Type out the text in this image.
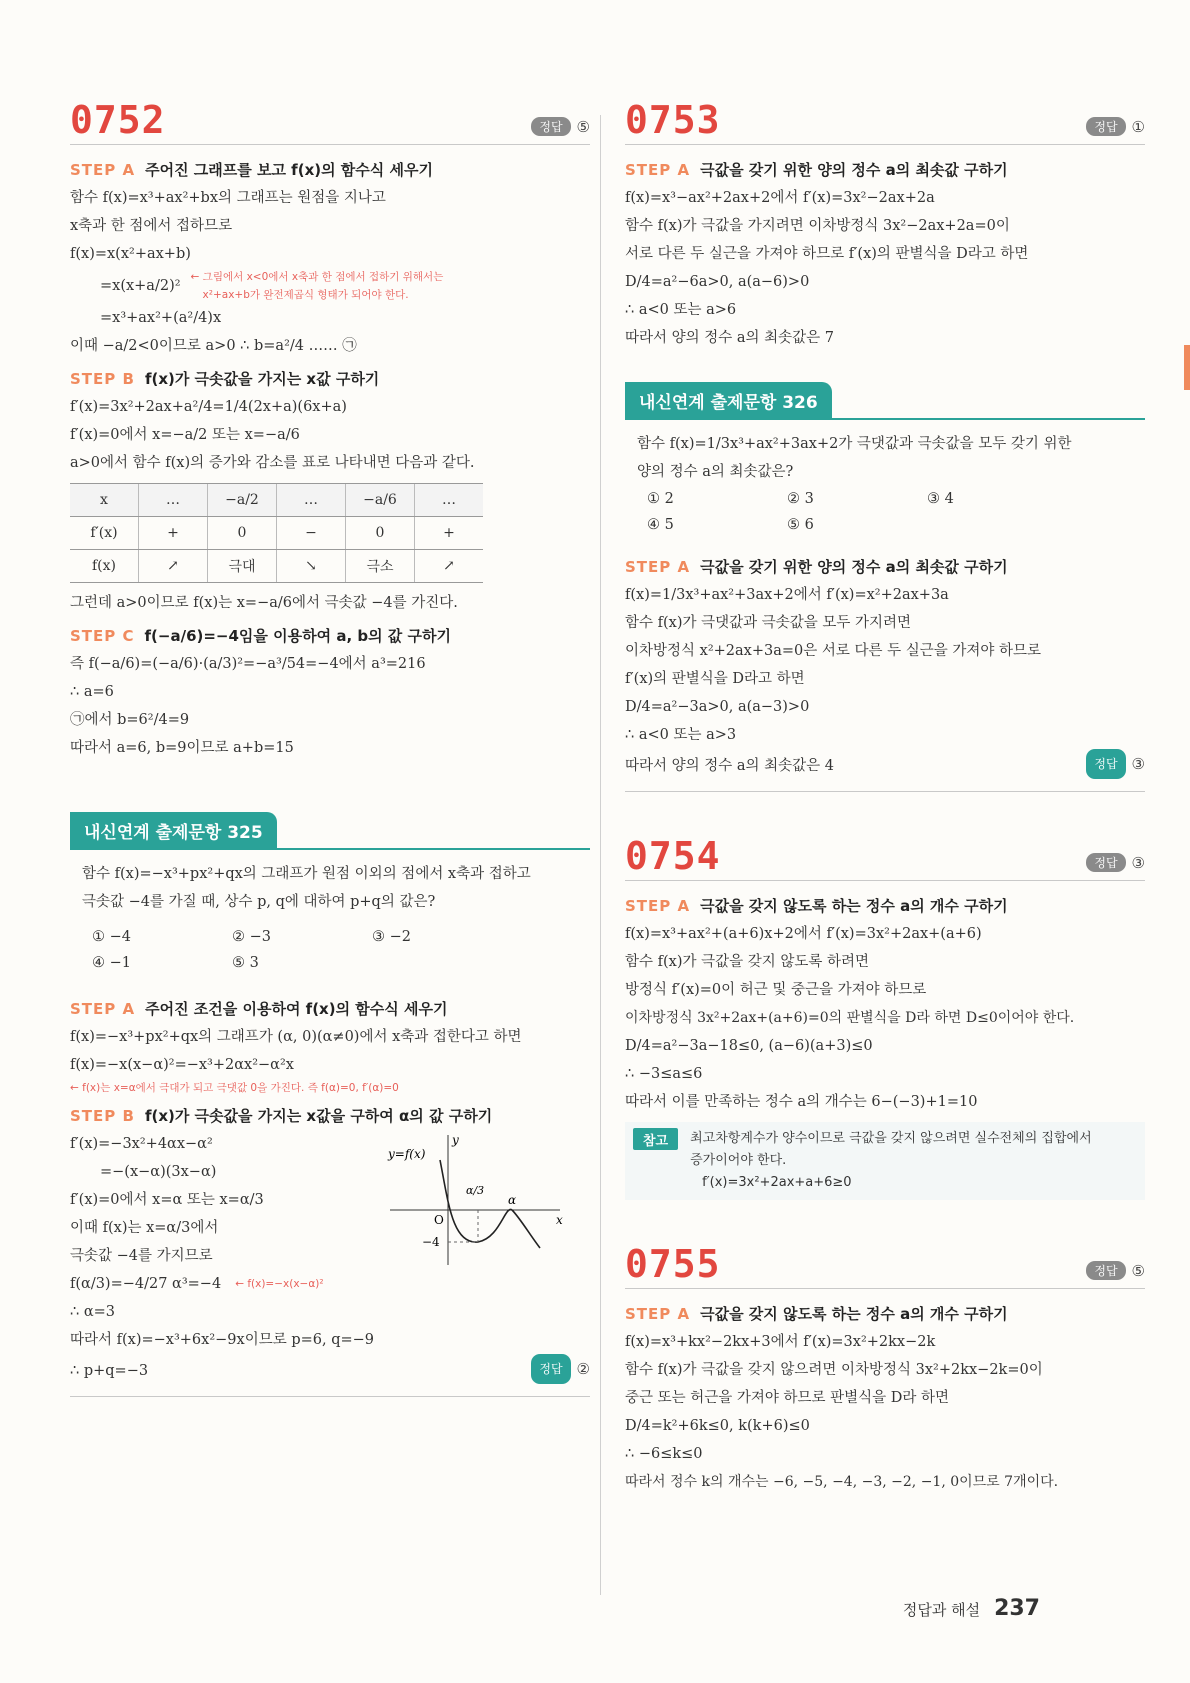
0752	정답 ⑤
STEP A 주어진 그래프를 보고 f(x)의 함수식 세우기
함수 f(x)=x³+ax²+bx의 그래프는 원점을 지나고
x축과 한 점에서 접하므로
f(x)=x(x²+ax+b)
=x(x+a/2)²
← 그림에서 x<0에서 x축과 한 점에서 접하기 위해서는
x²+ax+b가 완전제곱식 형태가 되어야 한다.
=x³+ax²+(a²/4)x
이때 −a/2<0이므로 a>0 ∴ b=a²/4 …… ㉠
STEP B f(x)가 극솟값을 가지는 x값 구하기
f′(x)=3x²+2ax+a²/4=1/4(2x+a)(6x+a)
f′(x)=0에서 x=−a/2 또는 x=−a/6
a>0에서 함수 f(x)의 증가와 감소를 표로 나타내면 다음과 같다.
x	…	−a/2	…	−a/6	…
f′(x)	+	0	−	0	+
f(x)	↗	극대	↘	극소	↗
그런데 a>0이므로 f(x)는 x=−a/6에서 극솟값 −4를 가진다.
STEP C f(−a/6)=−4임을 이용하여 a, b의 값 구하기
즉 f(−a/6)=(−a/6)·(a/3)²=−a³/54=−4에서 a³=216
∴ a=6
㉠에서 b=6²/4=9
따라서 a=6, b=9이므로 a+b=15
내신연계 출제문항 325
함수 f(x)=−x³+px²+qx의 그래프가 원점 이외의 점에서 x축과 접하고
극솟값 −4를 가질 때, 상수 p, q에 대하여 p+q의 값은?
① −4	② −3	③ −2
④ −1	⑤ 3
STEP A 주어진 조건을 이용하여 f(x)의 함수식 세우기
f(x)=−x³+px²+qx의 그래프가 (α, 0)(α≠0)에서 x축과 접한다고 하면
f(x)=−x(x−α)²=−x³+2αx²−α²x
← f(x)는 x=α에서 극대가 되고 극댓값 0을 가진다. 즉 f(α)=0, f′(α)=0
STEP B f(x)가 극솟값을 가지는 x값을 구하여 α의 값 구하기
f′(x)=−3x²+4αx−α²
=−(x−α)(3x−α)
f′(x)=0에서 x=α 또는 x=α/3
이때 f(x)는 x=α/3에서
극솟값 −4를 가지므로
f(α/3)=−4/27 α³=−4 ← f(x)=−x(x−α)²
∴ α=3
따라서 f(x)=−x³+6x²−9x이므로 p=6, q=−9
∴ p+q=−3	정답 ②
y
x
y=f(x)
O
α/3
α
−4
0753	정답 ①
STEP A 극값을 갖기 위한 양의 정수 a의 최솟값 구하기
f(x)=x³−ax²+2ax+2에서 f′(x)=3x²−2ax+2a
함수 f(x)가 극값을 가지려면 이차방정식 3x²−2ax+2a=0이
서로 다른 두 실근을 가져야 하므로 f′(x)의 판별식을 D라고 하면
D/4=a²−6a>0, a(a−6)>0
∴ a<0 또는 a>6
따라서 양의 정수 a의 최솟값은 7
내신연계 출제문항 326
함수 f(x)=1/3x³+ax²+3ax+2가 극댓값과 극솟값을 모두 갖기 위한
양의 정수 a의 최솟값은?
① 2	② 3	③ 4
④ 5	⑤ 6
STEP A 극값을 갖기 위한 양의 정수 a의 최솟값 구하기
f(x)=1/3x³+ax²+3ax+2에서 f′(x)=x²+2ax+3a
함수 f(x)가 극댓값과 극솟값을 모두 가지려면
이차방정식 x²+2ax+3a=0은 서로 다른 두 실근을 가져야 하므로
f′(x)의 판별식을 D라고 하면
D/4=a²−3a>0, a(a−3)>0
∴ a<0 또는 a>3
따라서 양의 정수 a의 최솟값은 4	정답 ③
0754	정답 ③
STEP A 극값을 갖지 않도록 하는 정수 a의 개수 구하기
f(x)=x³+ax²+(a+6)x+2에서 f′(x)=3x²+2ax+(a+6)
함수 f(x)가 극값을 갖지 않도록 하려면
방정식 f′(x)=0이 허근 및 중근을 가져야 하므로
이차방정식 3x²+2ax+(a+6)=0의 판별식을 D라 하면 D≤0이어야 한다.
D/4=a²−3a−18≤0, (a−6)(a+3)≤0
∴ −3≤a≤6
따라서 이를 만족하는 정수 a의 개수는 6−(−3)+1=10
참고	최고차항계수가 양수이므로 극값을 갖지 않으려면 실수전체의 집합에서
증가이어야 한다.
f′(x)=3x²+2ax+a+6≥0
0755	정답 ⑤
STEP A 극값을 갖지 않도록 하는 정수 a의 개수 구하기
f(x)=x³+kx²−2kx+3에서 f′(x)=3x²+2kx−2k
함수 f(x)가 극값을 갖지 않으려면 이차방정식 3x²+2kx−2k=0이
중근 또는 허근을 가져야 하므로 판별식을 D라 하면
D/4=k²+6k≤0, k(k+6)≤0
∴ −6≤k≤0
따라서 정수 k의 개수는 −6, −5, −4, −3, −2, −1, 0이므로 7개이다.
정답과 해설 237
